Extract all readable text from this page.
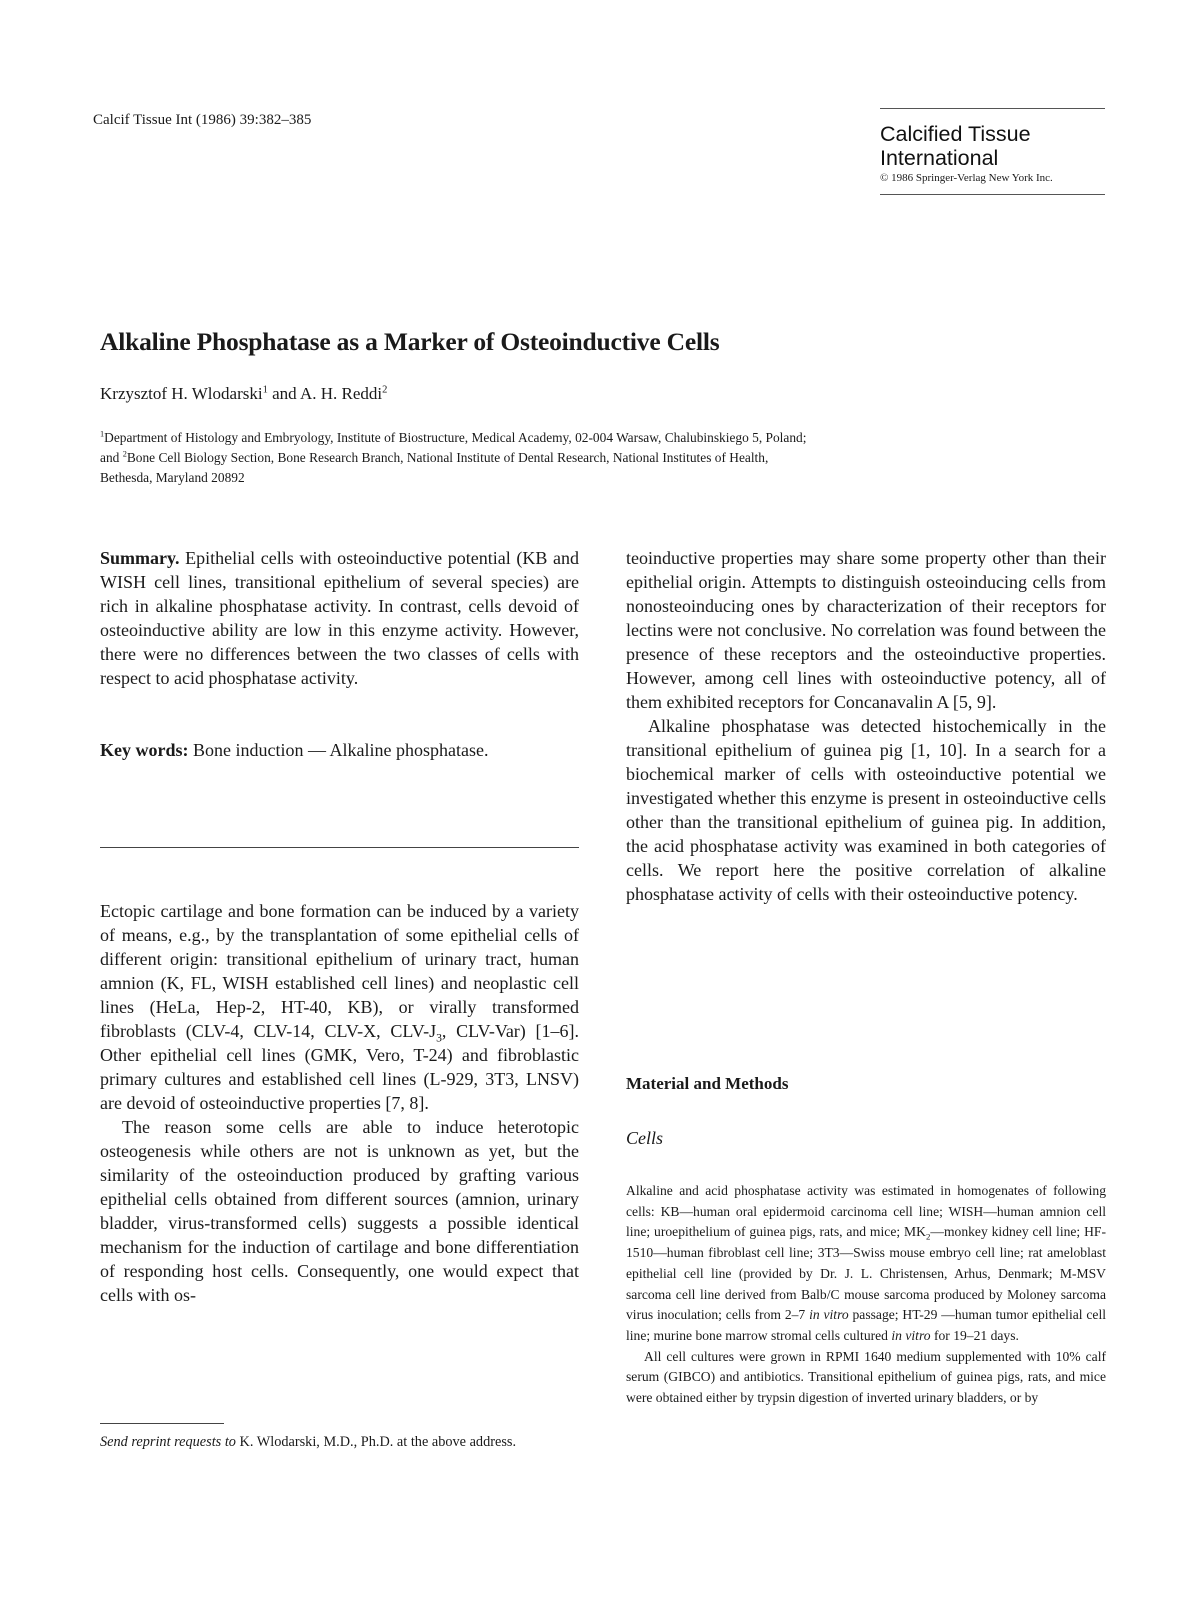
Calcif Tissue Int (1986) 39:382–385
Calcified Tissue
International
© 1986 Springer-Verlag New York Inc.
Alkaline Phosphatase as a Marker of Osteoinductive Cells
Krzysztof H. Wlodarski$^1$ and A. H. Reddi$^2$
$^1$Department of Histology and Embryology, Institute of Biostructure, Medical Academy, 02-004 Warsaw, Chalubinskiego 5, Poland;
and $^2$Bone Cell Biology Section, Bone Research Branch, National Institute of Dental Research, National Institutes of Health,
Bethesda, Maryland 20892

Summary. Epithelial cells with osteoinductive potential (KB and WISH cell lines, transitional epithelium of several species) are rich in alkaline phosphatase activity. In contrast, cells devoid of osteoinductive ability are low in this enzyme activity. However, there were no differences between the two classes of cells with respect to acid phosphatase activity.

Key words: Bone induction — Alkaline phosphatase.

Ectopic cartilage and bone formation can be induced by a variety of means, e.g., by the transplantation of some epithelial cells of different origin: transitional epithelium of urinary tract, human amnion (K, FL, WISH established cell lines) and neoplastic cell lines (HeLa, Hep-2, HT-40, KB), or virally transformed fibroblasts (CLV-4, CLV-14, CLV-X, CLV-$J_3$, CLV-Var) [1–6]. Other epithelial cell lines (GMK, Vero, T-24) and fibroblastic primary cultures and established cell lines (L-929, 3T3, LNSV) are devoid of osteoinductive properties [7, 8].

The reason some cells are able to induce heterotopic osteogenesis while others are not is unknown as yet, but the similarity of the osteoinduction produced by grafting various epithelial cells obtained from different sources (amnion, urinary bladder, virus-transformed cells) suggests a possible identical mechanism for the induction of cartilage and bone differentiation of responding host cells. Consequently, one would expect that cells with os-

Send reprint requests to K. Wlodarski, M.D., Ph.D. at the above address.

teoinductive properties may share some property other than their epithelial origin. Attempts to distinguish osteoinducing cells from nonosteoinducing ones by characterization of their receptors for lectins were not conclusive. No correlation was found between the presence of these receptors and the osteoinductive properties. However, among cell lines with osteoinductive potency, all of them exhibited receptors for Concanavalin A [5, 9].

Alkaline phosphatase was detected histochemically in the transitional epithelium of guinea pig [1, 10]. In a search for a biochemical marker of cells with osteoinductive potential we investigated whether this enzyme is present in osteoinductive cells other than the transitional epithelium of guinea pig. In addition, the acid phosphatase activity was examined in both categories of cells. We report here the positive correlation of alkaline phosphatase activity of cells with their osteoinductive potency.

Material and Methods
Cells

Alkaline and acid phosphatase activity was estimated in homogenates of following cells: KB—human oral epidermoid carcinoma cell line; WISH—human amnion cell line; uroepithelium of guinea pigs, rats, and mice; $MK_2—monkey$ kidney cell line; HF-1510—human fibroblast cell line; 3T3—Swiss mouse embryo cell line; rat ameloblast epithelial cell line (provided by Dr. J. L. Christensen, Arhus, Denmark; M-MSV sarcoma cell line derived from Balb/C mouse sarcoma produced by Moloney sarcoma virus inoculation; cells from 2–7 in vitro passage; HT-29 —human tumor epithelial cell line; murine bone marrow stromal cells cultured in vitro for 19–21 days.

All cell cultures were grown in RPMI 1640 medium supplemented with 10% calf serum (GIBCO) and antibiotics. Transitional epithelium of guinea pigs, rats, and mice were obtained either by trypsin digestion of inverted urinary bladders, or by
